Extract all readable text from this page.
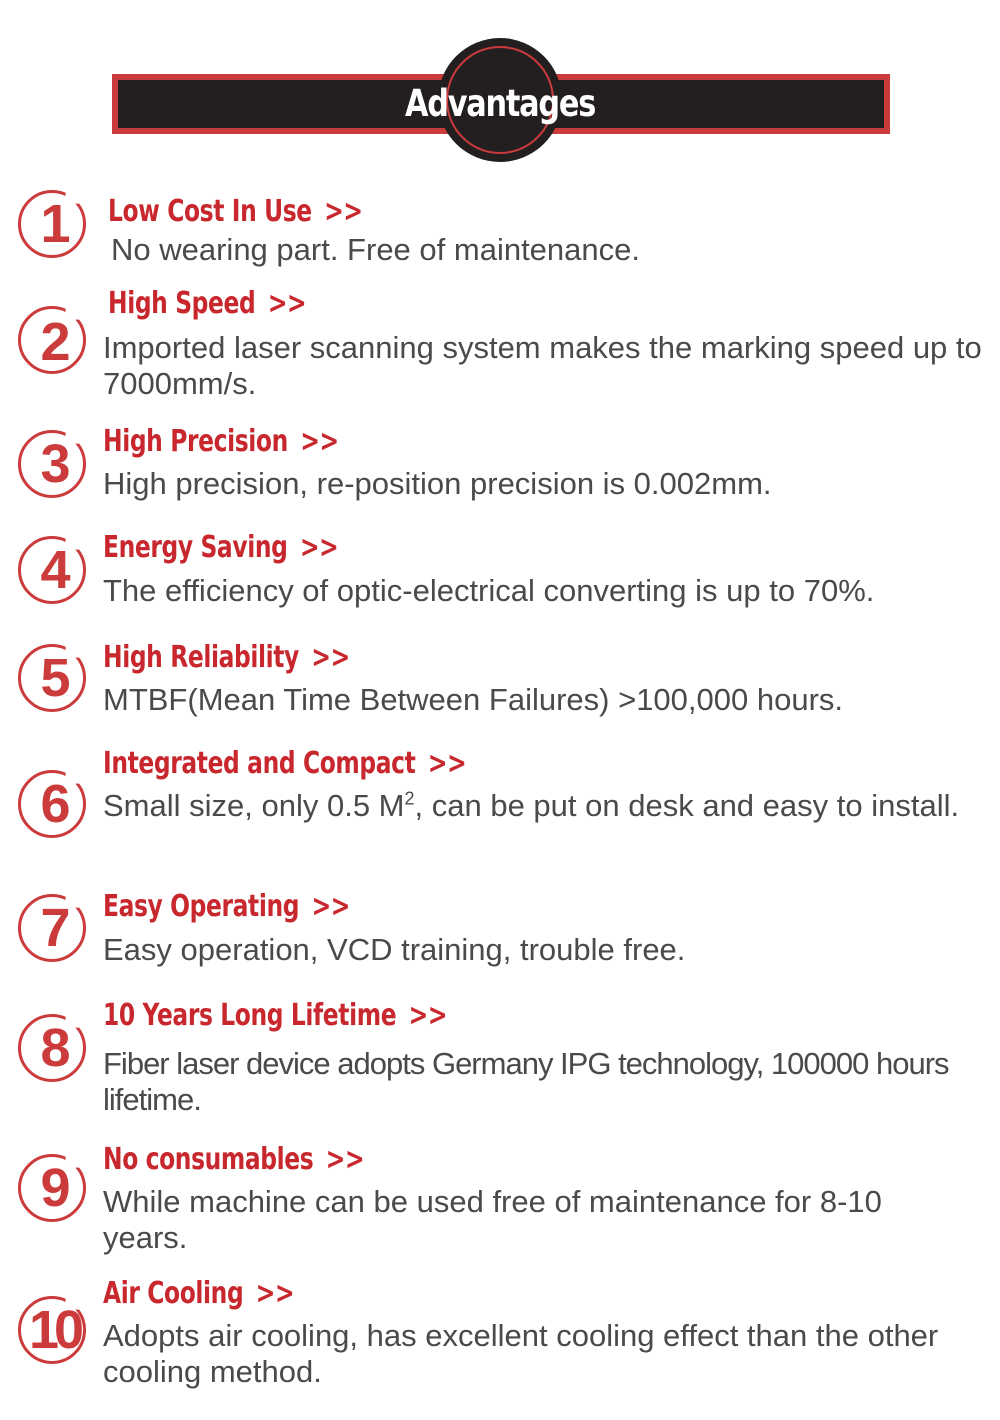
Advantages
1	Low Cost In Use >>
No wearing part. Free of maintenance.
2
High Speed >>
Imported laser scanning system makes the marking speed up to 7000mm/s.
3	High Precision >>
High precision, re-position precision is 0.002mm.
4	Energy Saving >>
The efficiency of optic-electrical converting is up to 70%.
5	High Reliability >>
MTBF(Mean Time Between Failures) >100,000 hours.
6
Integrated and Compact >>
Small size, only 0.5 $M^2$, can be put on desk and easy to install.
7	Easy Operating >>
Easy operation, VCD training, trouble free.
8
10 Years Long Lifetime >>
Fiber laser device adopts Germany IPG technology, 100000 hours lifetime.
9	No consumables >>
While machine can be used free of maintenance for 8-10 years.
10
Air Cooling >>
Adopts air cooling, has excellent cooling effect than the other cooling method.
